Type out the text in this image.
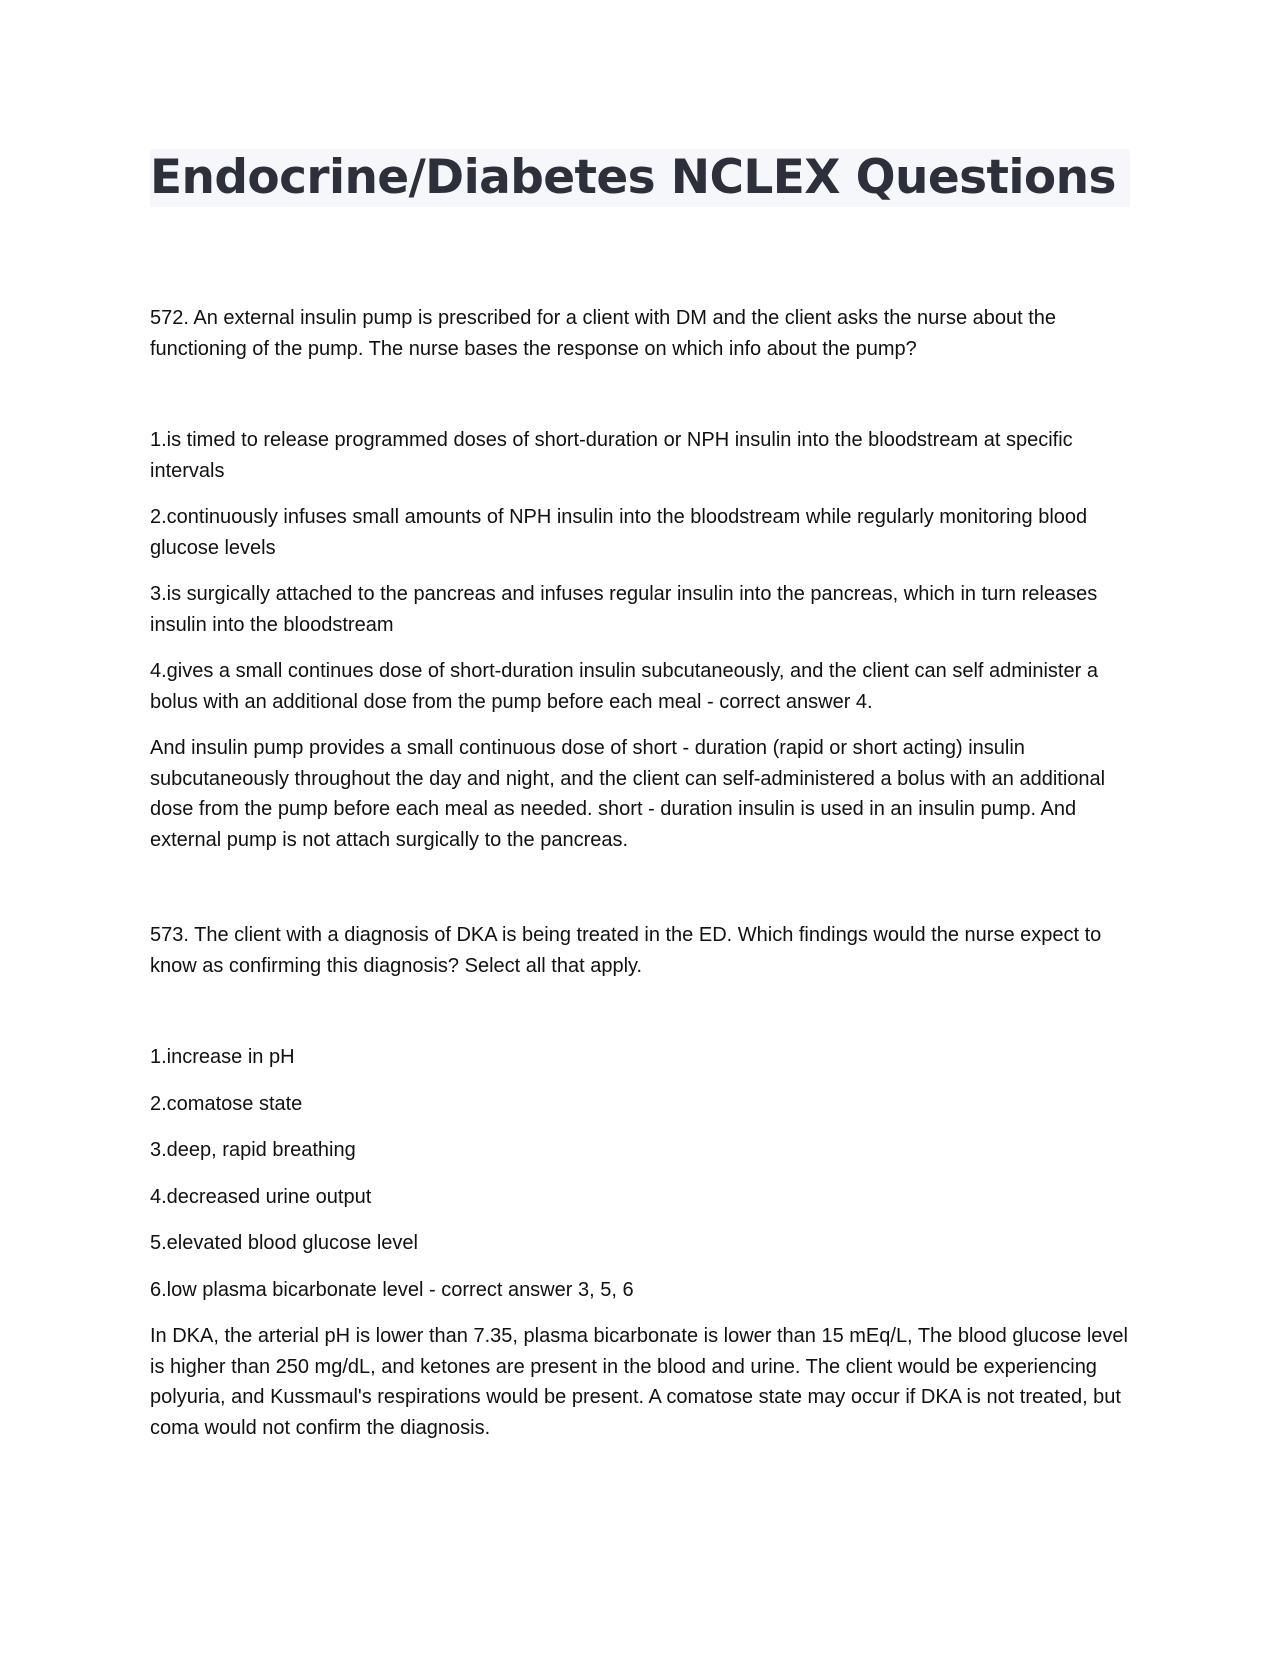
Endocrine/Diabetes NCLEX Questions

572. An external insulin pump is prescribed for a client with DM and the client asks the nurse about the functioning of the pump. The nurse bases the response on which info about the pump?

1.is timed to release programmed doses of short-duration or NPH insulin into the bloodstream at specific intervals

2.continuously infuses small amounts of NPH insulin into the bloodstream while regularly monitoring blood glucose levels

3.is surgically attached to the pancreas and infuses regular insulin into the pancreas, which in turn releases insulin into the bloodstream

4.gives a small continues dose of short-duration insulin subcutaneously, and the client can self administer a bolus with an additional dose from the pump before each meal - correct answer 4.

And insulin pump provides a small continuous dose of short - duration (rapid or short acting) insulin subcutaneously throughout the day and night, and the client can self-administered a bolus with an additional dose from the pump before each meal as needed. short - duration insulin is used in an insulin pump. And external pump is not attach surgically to the pancreas.

573. The client with a diagnosis of DKA is being treated in the ED. Which findings would the nurse expect to know as confirming this diagnosis? Select all that apply.

1.increase in pH

2.comatose state

3.deep, rapid breathing

4.decreased urine output

5.elevated blood glucose level

6.low plasma bicarbonate level - correct answer 3, 5, 6

In DKA, the arterial pH is lower than 7.35, plasma bicarbonate is lower than 15 mEq/L, The blood glucose level is higher than 250 mg/dL, and ketones are present in the blood and urine. The client would be experiencing polyuria, and Kussmaul's respirations would be present. A comatose state may occur if DKA is not treated, but coma would not confirm the diagnosis.
